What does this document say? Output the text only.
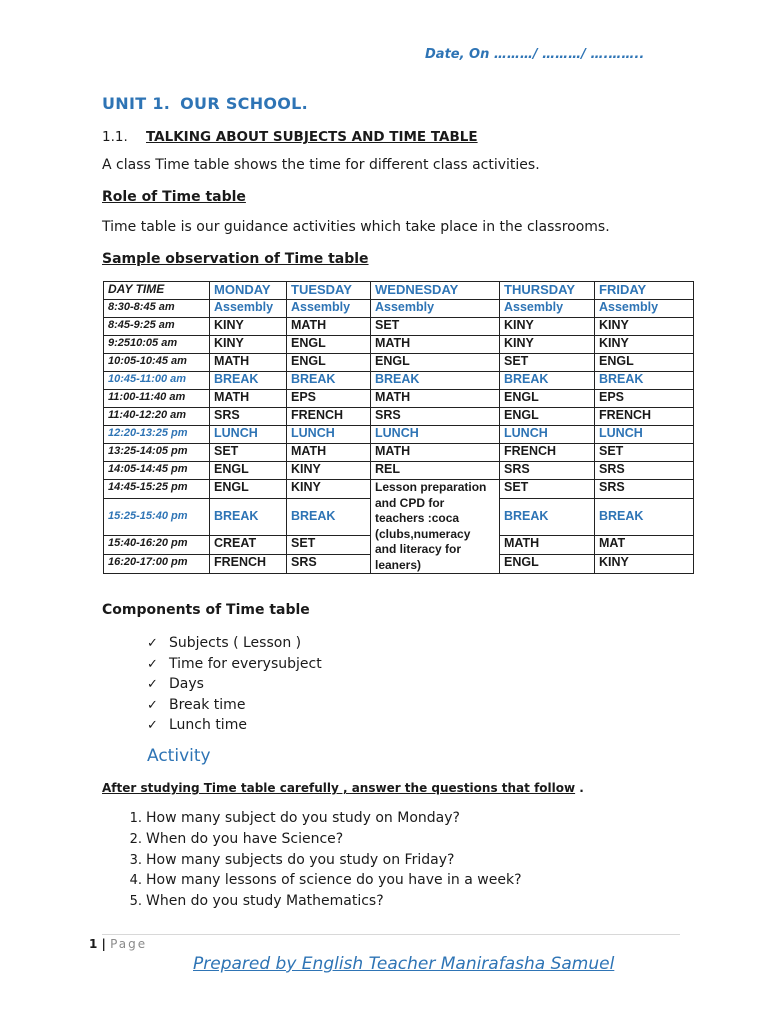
Date, On ………/ ………/ ….……..
UNIT 1. OUR SCHOOL.
1.1. TALKING ABOUT SUBJECTS AND TIME TABLE
A class Time table shows the time for different class activities.
Role of Time table
Time table is our guidance activities which take place in the classrooms.
Sample observation of Time table
DAY TIME	MONDAY	TUESDAY	WEDNESDAY	THURSDAY	FRIDAY
8:30-8:45 am	Assembly	Assembly	Assembly	Assembly	Assembly
8:45-9:25 am	KINY	MATH	SET	KINY	KINY
9:2510:05 am	KINY	ENGL	MATH	KINY	KINY
10:05-10:45 am	MATH	ENGL	ENGL	SET	ENGL
10:45-11:00 am	BREAK	BREAK	BREAK	BREAK	BREAK
11:00-11:40 am	MATH	EPS	MATH	ENGL	EPS
11:40-12:20 am	SRS	FRENCH	SRS	ENGL	FRENCH
12:20-13:25 pm	LUNCH	LUNCH	LUNCH	LUNCH	LUNCH
13:25-14:05 pm	SET	MATH	MATH	FRENCH	SET
14:05-14:45 pm	ENGL	KINY	REL	SRS	SRS
14:45-15:25 pm	ENGL	KINY	Lesson preparation and CPD for teachers :coca (clubs,numeracy and literacy for leaners)	SET	SRS
15:25-15:40 pm	BREAK	BREAK		BREAK	BREAK
15:40-16:20 pm	CREAT	SET		MATH	MAT
16:20-17:00 pm	FRENCH	SRS		ENGL	KINY
Components of Time table
✓ Subjects ( Lesson )
✓ Time for everysubject
✓ Days
✓ Break time
✓ Lunch time
Activity
After studying Time table carefully , answer the questions that follow .
1. How many subject do you study on Monday?
2. When do you have Science?
3. How many subjects do you study on Friday?
4. How many lessons of science do you have in a week?
5. When do you study Mathematics?
1 | Page
Prepared by English Teacher Manirafasha Samuel
